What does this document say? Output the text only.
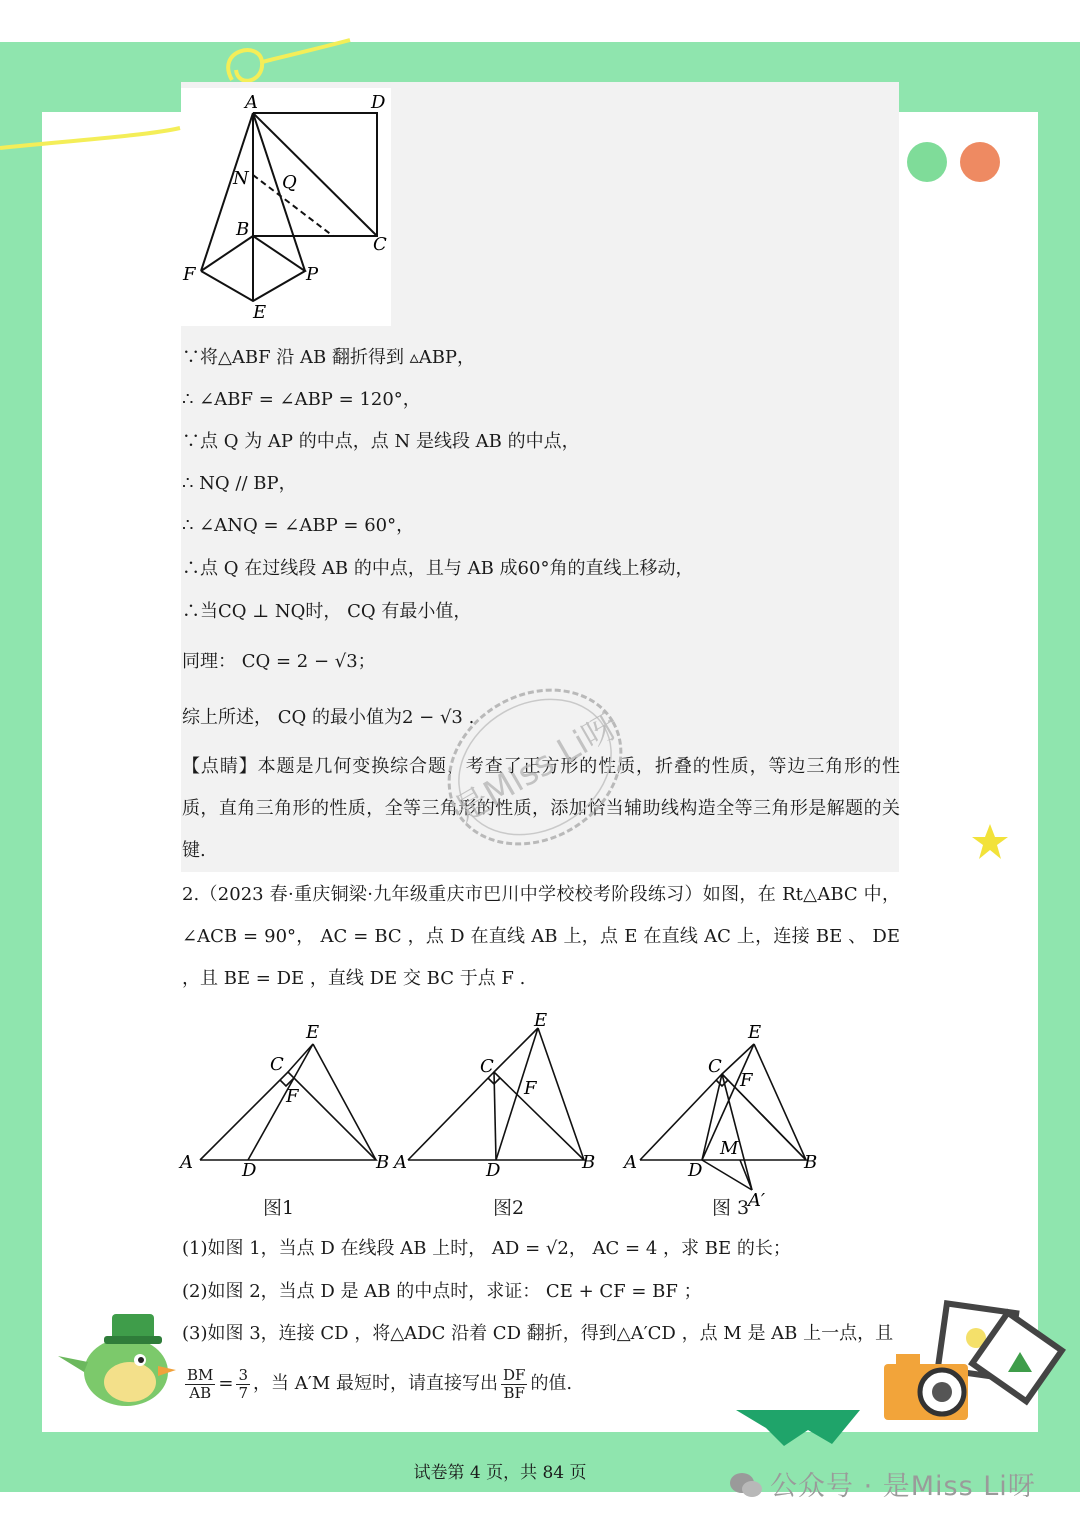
A	D
N Q
B
C
F	P
E
∵将△ABF 沿 AB 翻折得到 ▵ABP，
∴ ∠ABF = ∠ABP = 120°，
∵点 Q 为 AP 的中点，点 N 是线段 AB 的中点，
∴ NQ // BP，
∴ ∠ANQ = ∠ABP = 60°，
∴点 Q 在过线段 AB 的中点，且与 AB 成60°角的直线上移动，
∴当CQ ⊥ NQ时， CQ 有最小值，
同理： CQ = 2 − √3；
综上所述， CQ 的最小值为2 − √3 .
【点睛】本题是几何变换综合题，考查了正方形的性质，折叠的性质，等边三角形的性质，直角三角形的性质，全等三角形的性质，添加恰当辅助线构造全等三角形是解题的关键.
是Miss Li呀
2.（2023 春·重庆铜梁·九年级重庆市巴川中学校校考阶段练习）如图，在 Rt△ABC 中，∠ACB = 90°， AC = BC ，点 D 在直线 AB 上，点 E 在直线 AC 上，连接 BE 、 DE ，且 BE = DE ，直线 DE 交 BC 于点 F .
E
C
F
A	D	B
E
C
F
A	D	B
E
C
F
M
A	D	B
A′
图1	图2	图 3
(1)如图 1，当点 D 在线段 AB 上时， AD = √2， AC = 4 ，求 BE 的长；
(2)如图 2，当点 D 是 AB 的中点时，求证： CE + CF = BF ；
(3)如图 3，连接 CD ，将△ADC 沿着 CD 翻折，得到△A′CD ，点 M 是 AB 上一点，且
$\frac{BM}{AB} = \frac{3}{7}$ ，当 A′M 最短时，请直接写出 $\frac{DF}{BF}$ 的值.
试卷第 4 页，共 84 页	公众号 · 是Miss Li呀
